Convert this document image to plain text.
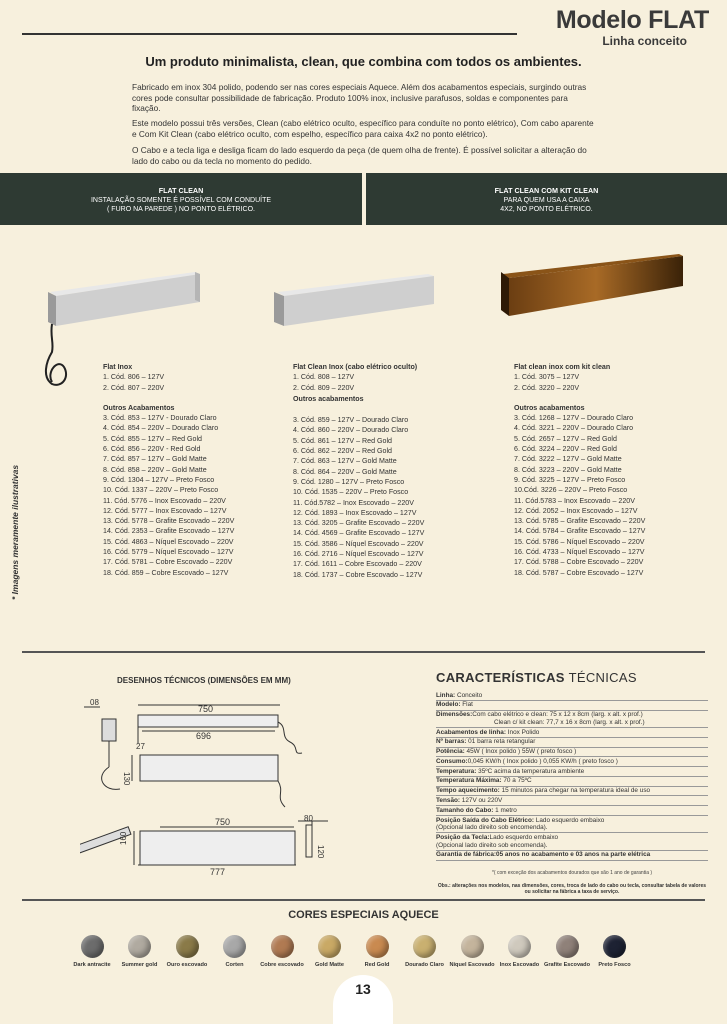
Modelo FLAT
Linha conceito
Um produto minimalista, clean, que combina com todos os ambientes.
Fabricado em inox 304 polido, podendo ser nas cores especiais Aquece. Além dos acabamentos especiais, surgindo outras cores pode consultar possibilidade de fabricação. Produto 100% inox, inclusive parafusos, soldas e componentes para fixação.
Este modelo possui três versões, Clean (cabo elétrico oculto, específico para conduíte no ponto elétrico), Com cabo aparente e Com Kit Clean (cabo elétrico oculto, com espelho, específico para caixa 4x2 no ponto elétrico).
O Cabo e a tecla liga e desliga ficam do lado esquerdo da peça (de quem olha de frente). É possível solicitar a alteração do lado do cabo ou da tecla no momento do pedido.
FLAT CLEAN
INSTALAÇÃO SOMENTE É POSSÍVEL COM CONDUÍTE
( FURO NA PAREDE ) NO PONTO ELÉTRICO.
FLAT CLEAN COM KIT CLEAN
PARA QUEM USA A CAIXA
4X2, NO PONTO ELÉTRICO.
Flat Inox
1. Cód. 806 – 127V
2. Cód. 807 – 220V
Outros Acabamentos
3. Cód. 853 – 127V - Dourado Claro
4. Cód. 854 – 220V – Dourado Claro
5. Cód. 855 – 127V – Red Gold
6. Cód. 856 – 220V - Red Gold
7. Cód. 857 – 127V – Gold Matte
8. Cód. 858 – 220V – Gold Matte
9. Cód. 1304 – 127V – Preto Fosco
10. Cód. 1337 – 220V – Preto Fosco
11. Cód. 5776 – Inox Escovado – 220V
12. Cód. 5777 – Inox Escovado – 127V
13. Cód. 5778 – Grafite Escovado – 220V
14. Cód. 2353 – Grafite Escovado – 127V
15. Cód. 4863 – Níquel Escovado – 220V
16. Cód. 5779 – Níquel Escovado – 127V
17. Cód. 5781 – Cobre Escovado – 220V
18. Cód. 859 – Cobre Escovado – 127V
Flat Clean Inox (cabo elétrico oculto)
1. Cód. 808 – 127V
2. Cód. 809 – 220V
Outros acabamentos
3. Cód. 859 – 127V – Dourado Claro
4. Cód. 860 – 220V – Dourado Claro
5. Cód. 861 – 127V – Red Gold
6. Cód. 862 – 220V – Red Gold
7. Cód. 863 – 127V – Gold Matte
8. Cód. 864 – 220V – Gold Matte
9. Cód. 1280 – 127V – Preto Fosco
10. Cód. 1535 – 220V – Preto Fosco
11. Cód.5782 – Inox Escovado – 220V
12. Cód. 1893 – Inox Escovado – 127V
13. Cód. 3205 – Grafite Escovado – 220V
14. Cód. 4569 – Grafite Escovado – 127V
15. Cód. 3586 – Níquel Escovado – 220V
16. Cód. 2716 – Níquel Escovado – 127V
17. Cód. 1611 – Cobre Escovado – 220V
18. Cód. 1737 – Cobre Escovado – 127V
Flat clean inox com kit clean
1. Cód. 3075 – 127V
2. Cód. 3220 – 220V
Outros acabamentos
3. Cód. 1268 – 127V – Dourado Claro
4. Cód. 3221 – 220V – Dourado Claro
5. Cód. 2657 – 127V – Red Gold
6. Cód. 3224 – 220V – Red Gold
7. Cód. 3222 – 127V – Gold Matte
8. Cód. 3223 – 220V – Gold Matte
9. Cód. 3225 – 127V – Preto Fosco
10.Cód. 3226 – 220V – Preto Fosco
11. Cód.5783 – Inox Escovado – 220V
12. Cód. 2052 – Inox Escovado – 127V
13. Cód. 5785 – Grafite Escovado – 220V
14. Cód. 5784 – Grafite Escovado – 127V
15. Cód. 5786 – Níquel Escovado – 220V
16. Cód. 4733 – Níquel Escovado – 127V
17. Cód. 5788 – Cobre Escovado – 220V
18. Cód. 5787 – Cobre Escovado – 127V
* Imagens meramente ilustrativas
DESENHOS TÉCNICOS (DIMENSÕES EM MM)
08
750
696
27
130
750	80
160
120
777
CARACTERÍSTICAS TÉCNICAS
Linha: Conceito
Modelo: Flat
Dimensões:Com cabo elétrico e clean: 75 x 12 x 8cm (larg. x alt. x prof.)
Clean c/ kit clean: 77,7 x 16 x 8cm (larg. x alt. x prof.)
Acabamentos de linha: Inox Polido
Nº barras: 01 barra reta retangular
Potência: 45W ( Inox polido ) 55W ( preto fosco )
Consumo:0,045 KW/h ( Inox polido ) 0,055 KW/h ( preto fosco )
Temperatura: 35ºC acima da temperatura ambiente
Temperatura Máxima: 70 a 75ºC
Tempo aquecimento: 15 minutos para chegar na temperatura ideal de uso
Tensão: 127V ou 220V
Tamanho do Cabo: 1 metro
Posição Saída do Cabo Elétrico: Lado esquerdo embaixo
(Opcional lado direito sob encomenda).
Posição da Tecla:Lado esquerdo embaixo
(Opcional lado direito sob encomenda).
Garantia de fábrica:05 anos no acabamento e 03 anos na parte elétrica
*( com exceção dos acabamentos dourados que são 1 ano de garantia )
Obs.: alterações nos modelos, nas dimensões, cores, troca de lado do cabo ou tecla, consultar tabela de valores ou solicitar na fábrica a taxa de serviço.
CORES ESPECIAIS AQUECE
Dark antracite	Summer gold	Ouro escovado	Corten	Cobre escovado	Gold Matte	Red Gold	Dourado Claro Níquel Escovado Inox Escovado Grafite Escovado	Preto Fosco
13
